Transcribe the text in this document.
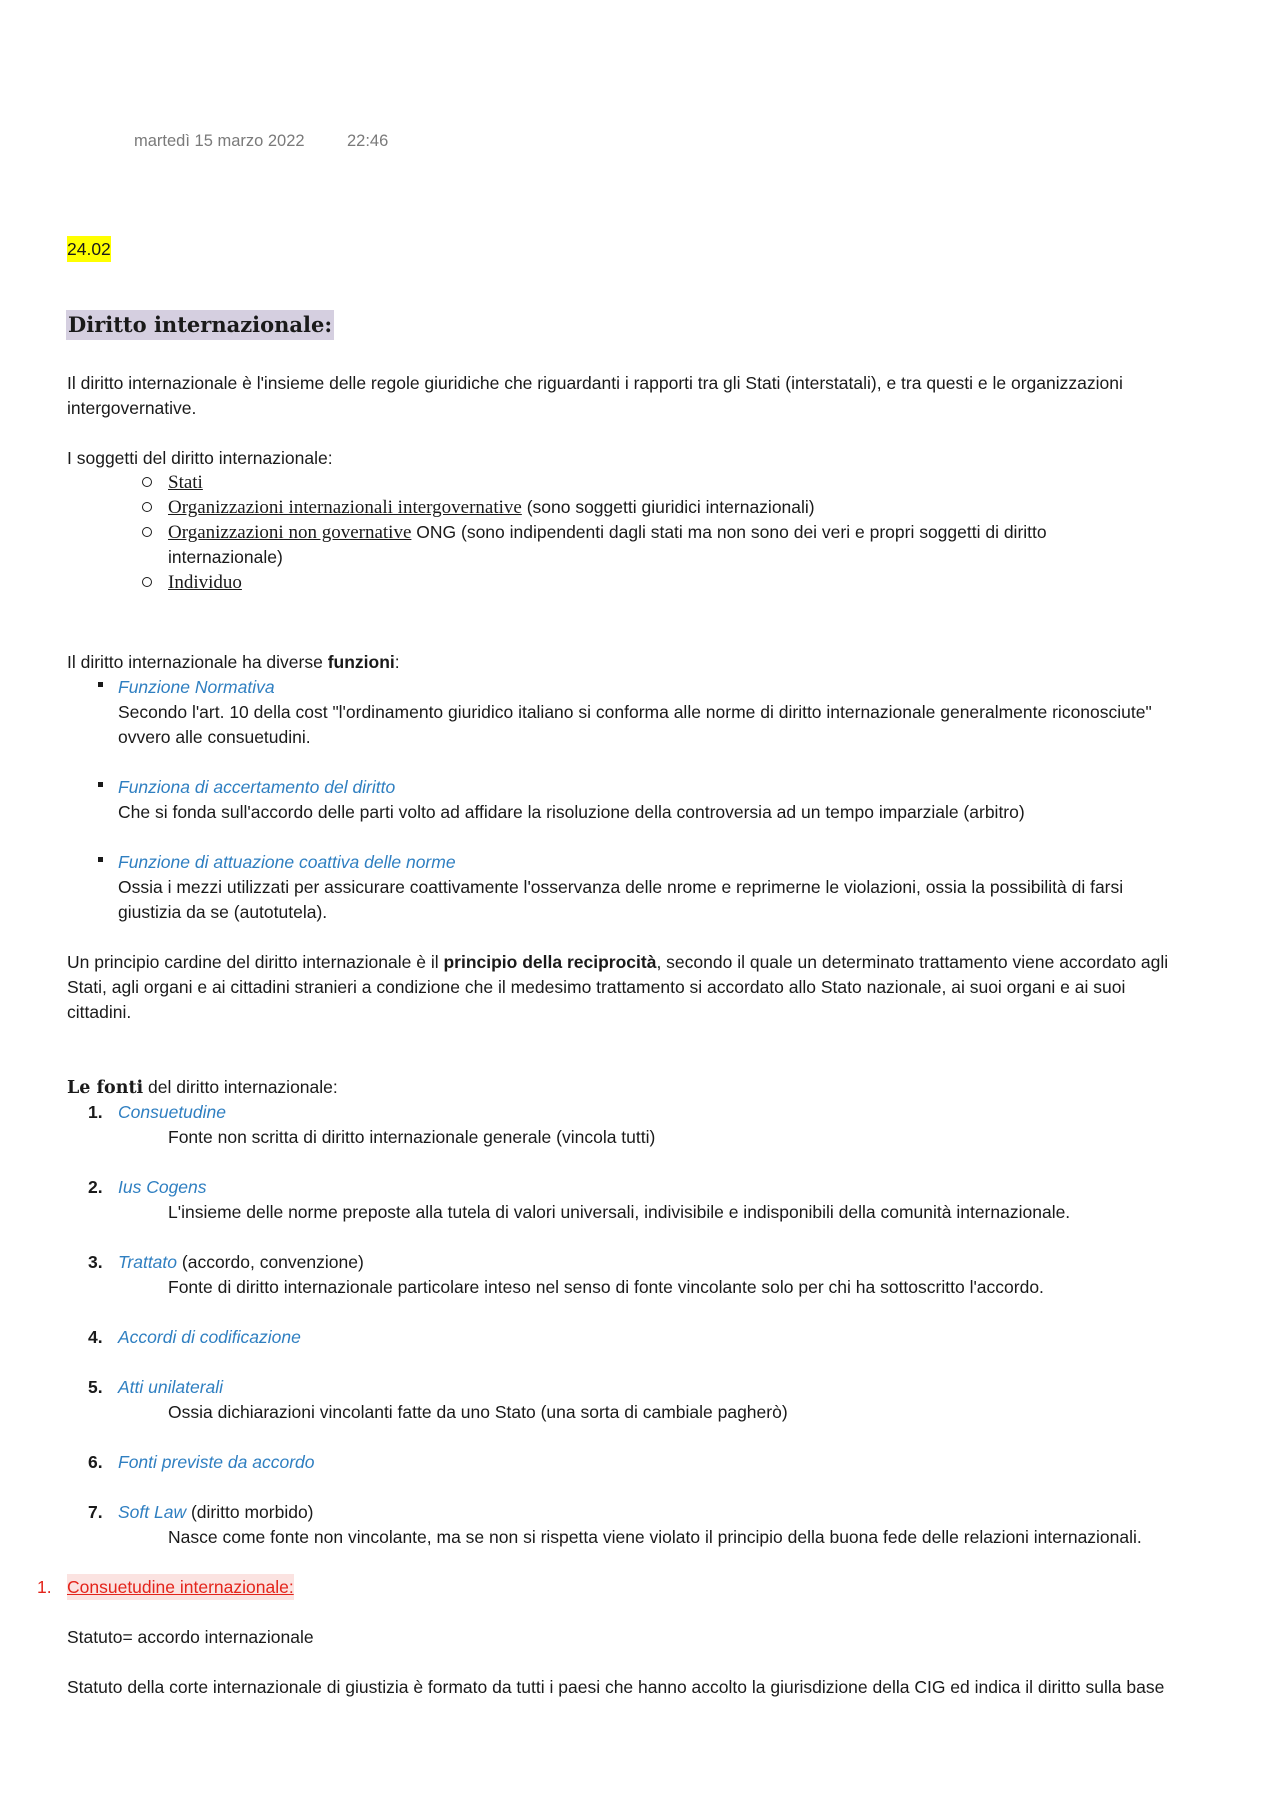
martedì 15 marzo 2022	22:46
24.02
Diritto internazionale:
Il diritto internazionale è l'insieme delle regole giuridiche che riguardanti i rapporti tra gli Stati (interstatali), e tra questi e le organizzazioni
intergovernative.
I soggetti del diritto internazionale:
Stati
Organizzazioni internazionali intergovernative (sono soggetti giuridici internazionali)
Organizzazioni non governative ONG (sono indipendenti dagli stati ma non sono dei veri e propri soggetti di diritto
internazionale)
Individuo
Il diritto internazionale ha diverse funzioni:
Funzione Normativa
Secondo l'art. 10 della cost "l'ordinamento giuridico italiano si conforma alle norme di diritto internazionale generalmente riconosciute"
ovvero alle consuetudini.
Funziona di accertamento del diritto
Che si fonda sull'accordo delle parti volto ad affidare la risoluzione della controversia ad un tempo imparziale (arbitro)
Funzione di attuazione coattiva delle norme
Ossia i mezzi utilizzati per assicurare coattivamente l'osservanza delle nrome e reprimerne le violazioni, ossia la possibilità di farsi
giustizia da se (autotutela).
Un principio cardine del diritto internazionale è il principio della reciprocità, secondo il quale un determinato trattamento viene accordato agli
Stati, agli organi e ai cittadini stranieri a condizione che il medesimo trattamento si accordato allo Stato nazionale, ai suoi organi e ai suoi
cittadini.
Le fonti del diritto internazionale:
1. Consuetudine
Fonte non scritta di diritto internazionale generale (vincola tutti)
2. Ius Cogens
L'insieme delle norme preposte alla tutela di valori universali, indivisibile e indisponibili della comunità internazionale.
3. Trattato (accordo, convenzione)
Fonte di diritto internazionale particolare inteso nel senso di fonte vincolante solo per chi ha sottoscritto l'accordo.
4. Accordi di codificazione
5. Atti unilaterali
Ossia dichiarazioni vincolanti fatte da uno Stato (una sorta di cambiale pagherò)
6. Fonti previste da accordo
7. Soft Law (diritto morbido)
Nasce come fonte non vincolante, ma se non si rispetta viene violato il principio della buona fede delle relazioni internazionali.
1. Consuetudine internazionale:
Statuto= accordo internazionale
Statuto della corte internazionale di giustizia è formato da tutti i paesi che hanno accolto la giurisdizione della CIG ed indica il diritto sulla base
